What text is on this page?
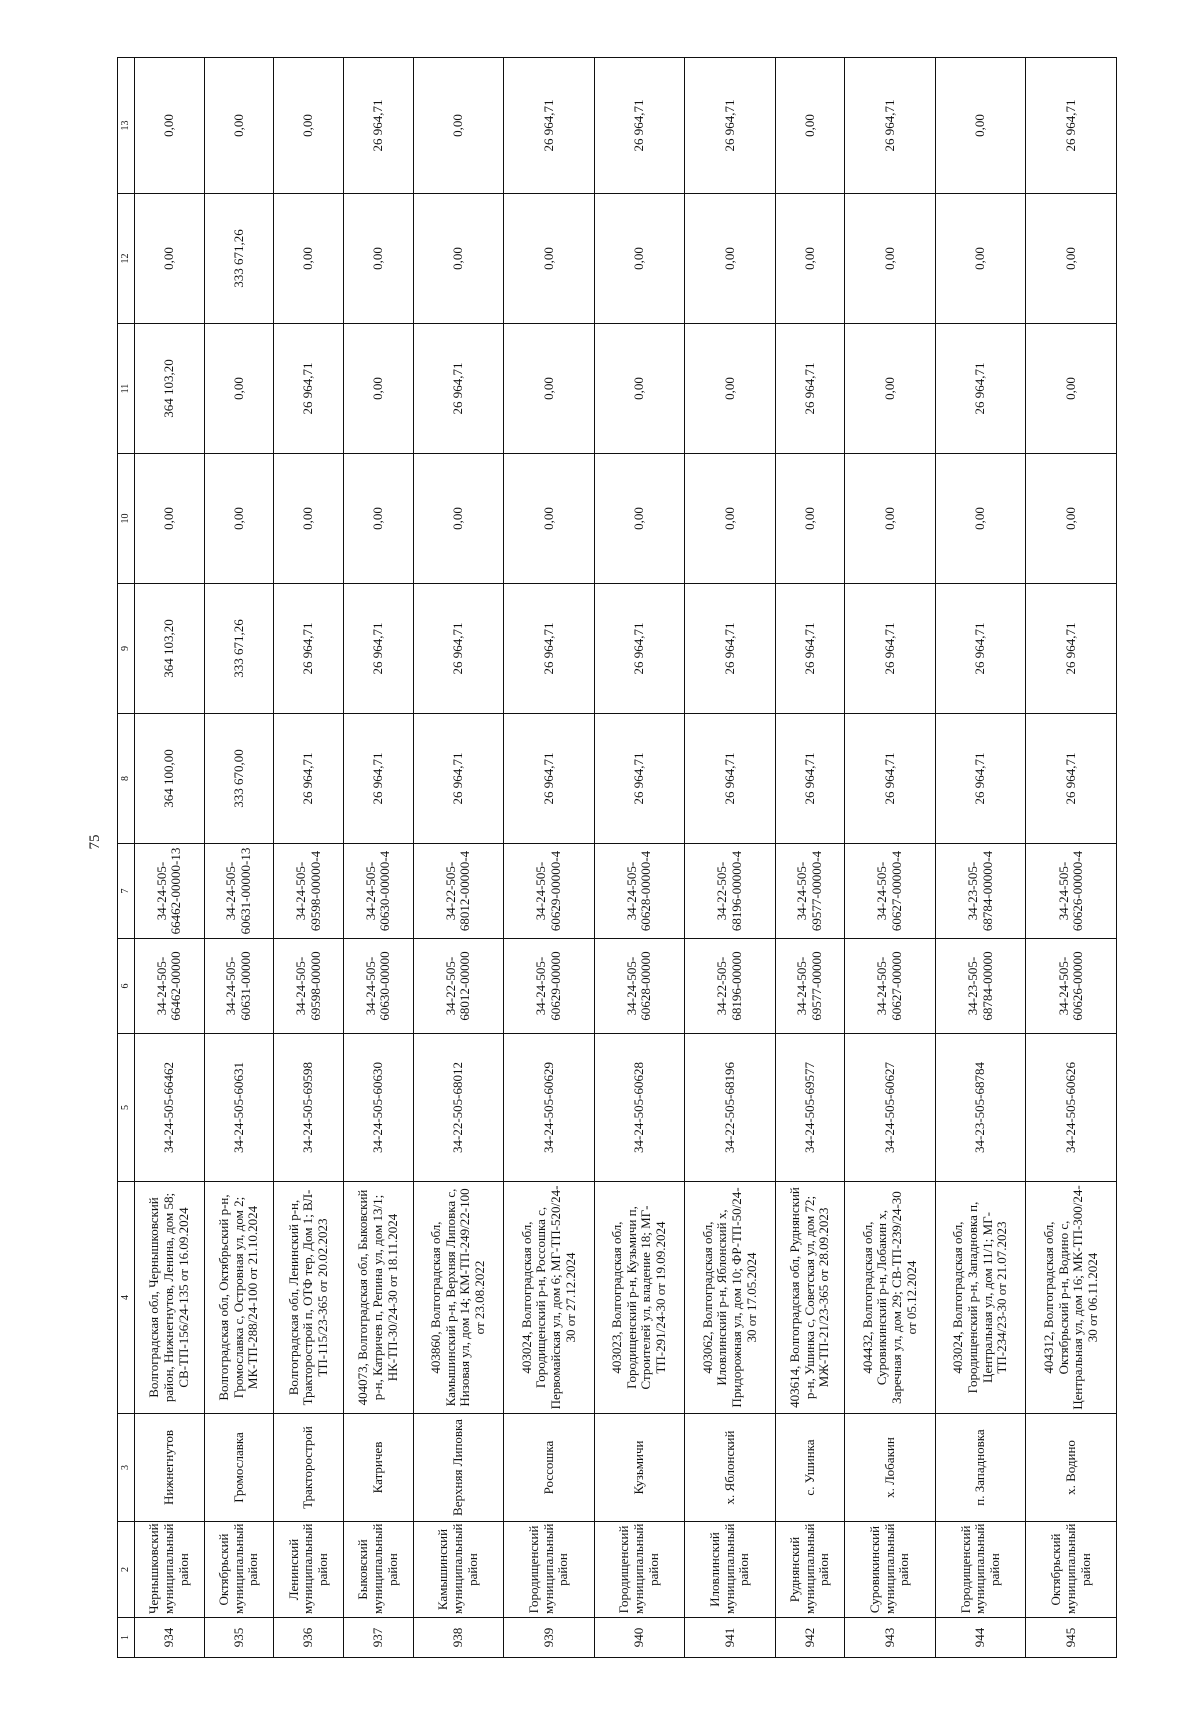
75
1	2	3	4	5	6	7	8	9	10	11	12	13
934	Чернышковский муниципальный район	Нижнегнутов	Волгоградская обл, Чернышковский район, Нижнегнутов, Ленина, дом 58; СВ-ТП-156/24-135 от 16.09.2024	34-24-505-66462	34-24-505-66462-00000	34-24-505-66462-00000-13	364 100,00	364 103,20	0,00	364 103,20	0,00	0,00
935	Октябрьский муниципальный район	Громославка	Волгоградская обл, Октябрьский р-н, Громославка с, Островная ул, дом 2; МК-ТП-288/24-100 от 21.10.2024	34-24-505-60631	34-24-505-60631-00000	34-24-505-60631-00000-13	333 670,00	333 671,26	0,00	0,00	333 671,26	0,00
936	Ленинский муниципальный район	Тракторострой	Волгоградская обл, Ленинский р-н, Тракторострой п, ОТФ тер, Дом 1; ВЛ-ТП-115/23-365 от 20.02.2023	34-24-505-69598	34-24-505-69598-00000	34-24-505-69598-00000-4	26 964,71	26 964,71	0,00	26 964,71	0,00	0,00
937	Быковский муниципальный район	Катричев	404073, Волгоградская обл, Быковский р-н, Катричев п, Репина ул, дом 13/1; НК-ТП-30/24-30 от 18.11.2024	34-24-505-60630	34-24-505-60630-00000	34-24-505-60630-00000-4	26 964,71	26 964,71	0,00	0,00	0,00	26 964,71
938	Камышинский муниципальный район	Верхняя Липовка	403860, Волгоградская обл, Камышинский р-н, Верхняя Липовка с, Низовая ул, дом 14; КМ-ТП-249/22-100 от 23.08.2022	34-22-505-68012	34-22-505-68012-00000	34-22-505-68012-00000-4	26 964,71	26 964,71	0,00	26 964,71	0,00	0,00
939	Городищенский муниципальный район	Россошка	403024, Волгоградская обл, Городищенский р-н, Россошка с, Первомайская ул, дом 6; МГ-ТП-520/24-30 от 27.12.2024	34-24-505-60629	34-24-505-60629-00000	34-24-505-60629-00000-4	26 964,71	26 964,71	0,00	0,00	0,00	26 964,71
940	Городищенский муниципальный район	Кузьмичи	403023, Волгоградская обл, Городищенский р-н, Кузьмичи п, Строителей ул, владение 18; МГ-ТП-291/24-30 от 19.09.2024	34-24-505-60628	34-24-505-60628-00000	34-24-505-60628-00000-4	26 964,71	26 964,71	0,00	0,00	0,00	26 964,71
941	Иловлинский муниципальный район	х. Яблонский	403062, Волгоградская обл, Иловлинский р-н, Яблонский х, Придорожная ул, дом 10; ФР-ТП-50/24-30 от 17.05.2024	34-22-505-68196	34-22-505-68196-00000	34-22-505-68196-00000-4	26 964,71	26 964,71	0,00	0,00	0,00	26 964,71
942	Руднянский муниципальный район	с. Ушинка	403614, Волгоградская обл, Руднянский р-н, Ушинка с, Советская ул, дом 72; МЖ-ТП-21/23-365 от 28.09.2023	34-24-505-69577	34-24-505-69577-00000	34-24-505-69577-00000-4	26 964,71	26 964,71	0,00	26 964,71	0,00	0,00
943	Суровикинский муниципальный район	х. Лобакин	404432, Волгоградская обл, Суровикинский р-н, Лобакин х, Заречная ул, дом 29; СВ-ТП-239/24-30 от 05.12.2024	34-24-505-60627	34-24-505-60627-00000	34-24-505-60627-00000-4	26 964,71	26 964,71	0,00	0,00	0,00	26 964,71
944	Городищенский муниципальный район	п. Западновка	403024, Волгоградская обл, Городищенский р-н, Западновка п, Центральная ул, дом 11/1; МГ-ТП-234/23-30 от 21.07.2023	34-23-505-68784	34-23-505-68784-00000	34-23-505-68784-00000-4	26 964,71	26 964,71	0,00	26 964,71	0,00	0,00
945	Октябрьский муниципальный район	х. Водино	404312, Волгоградская обл, Октябрьский р-н, Водино с, Центральная ул, дом 16; МК-ТП-300/24-30 от 06.11.2024	34-24-505-60626	34-24-505-60626-00000	34-24-505-60626-00000-4	26 964,71	26 964,71	0,00	0,00	0,00	26 964,71
